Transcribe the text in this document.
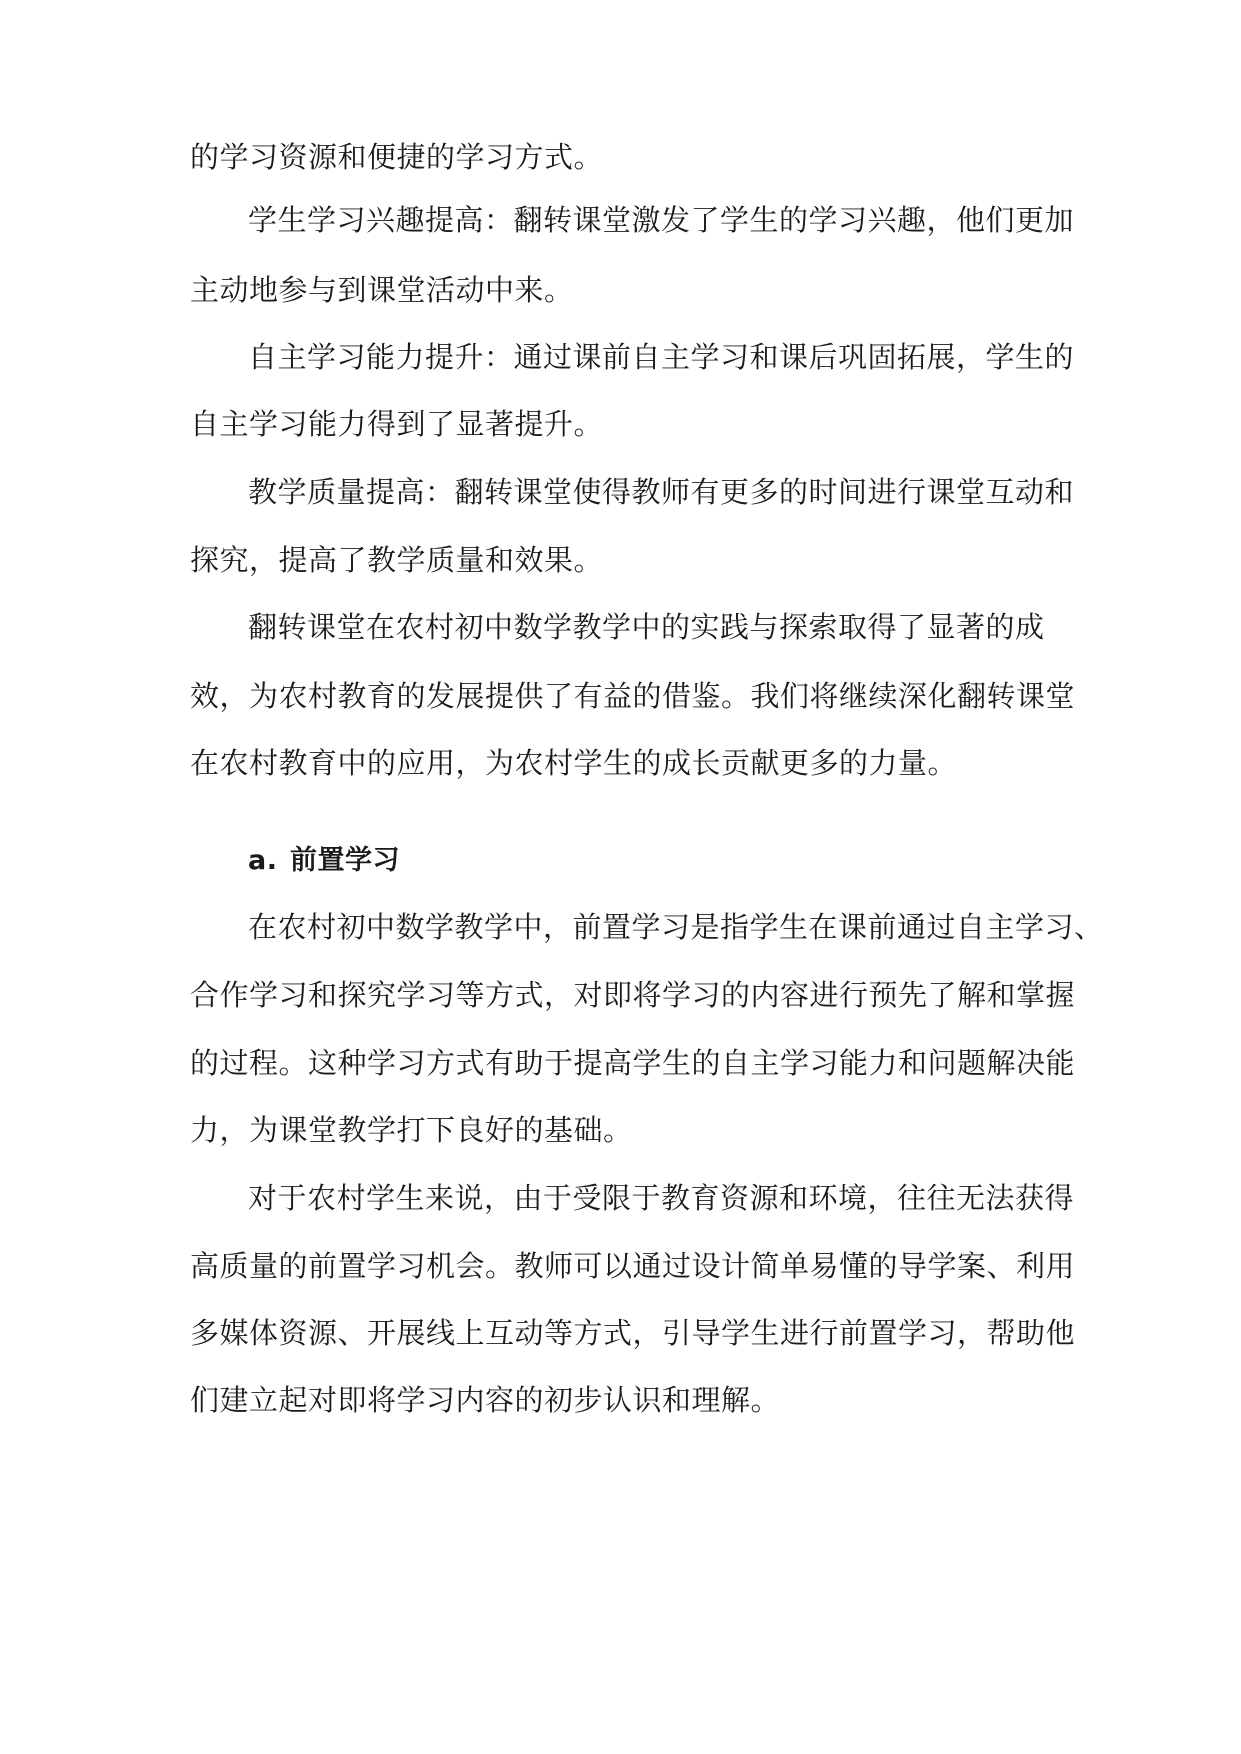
的学习资源和便捷的学习方式。
学生学习兴趣提高：翻转课堂激发了学生的学习兴趣，他们更加
主动地参与到课堂活动中来。
自主学习能力提升：通过课前自主学习和课后巩固拓展，学生的
自主学习能力得到了显著提升。
教学质量提高：翻转课堂使得教师有更多的时间进行课堂互动和
探究，提高了教学质量和效果。
翻转课堂在农村初中数学教学中的实践与探索取得了显著的成
效，为农村教育的发展提供了有益的借鉴。我们将继续深化翻转课堂
在农村教育中的应用，为农村学生的成长贡献更多的力量。
a. 前置学习
在农村初中数学教学中，前置学习是指学生在课前通过自主学习、
合作学习和探究学习等方式，对即将学习的内容进行预先了解和掌握
的过程。这种学习方式有助于提高学生的自主学习能力和问题解决能
力，为课堂教学打下良好的基础。
对于农村学生来说，由于受限于教育资源和环境，往往无法获得
高质量的前置学习机会。教师可以通过设计简单易懂的导学案、利用
多媒体资源、开展线上互动等方式，引导学生进行前置学习，帮助他
们建立起对即将学习内容的初步认识和理解。
